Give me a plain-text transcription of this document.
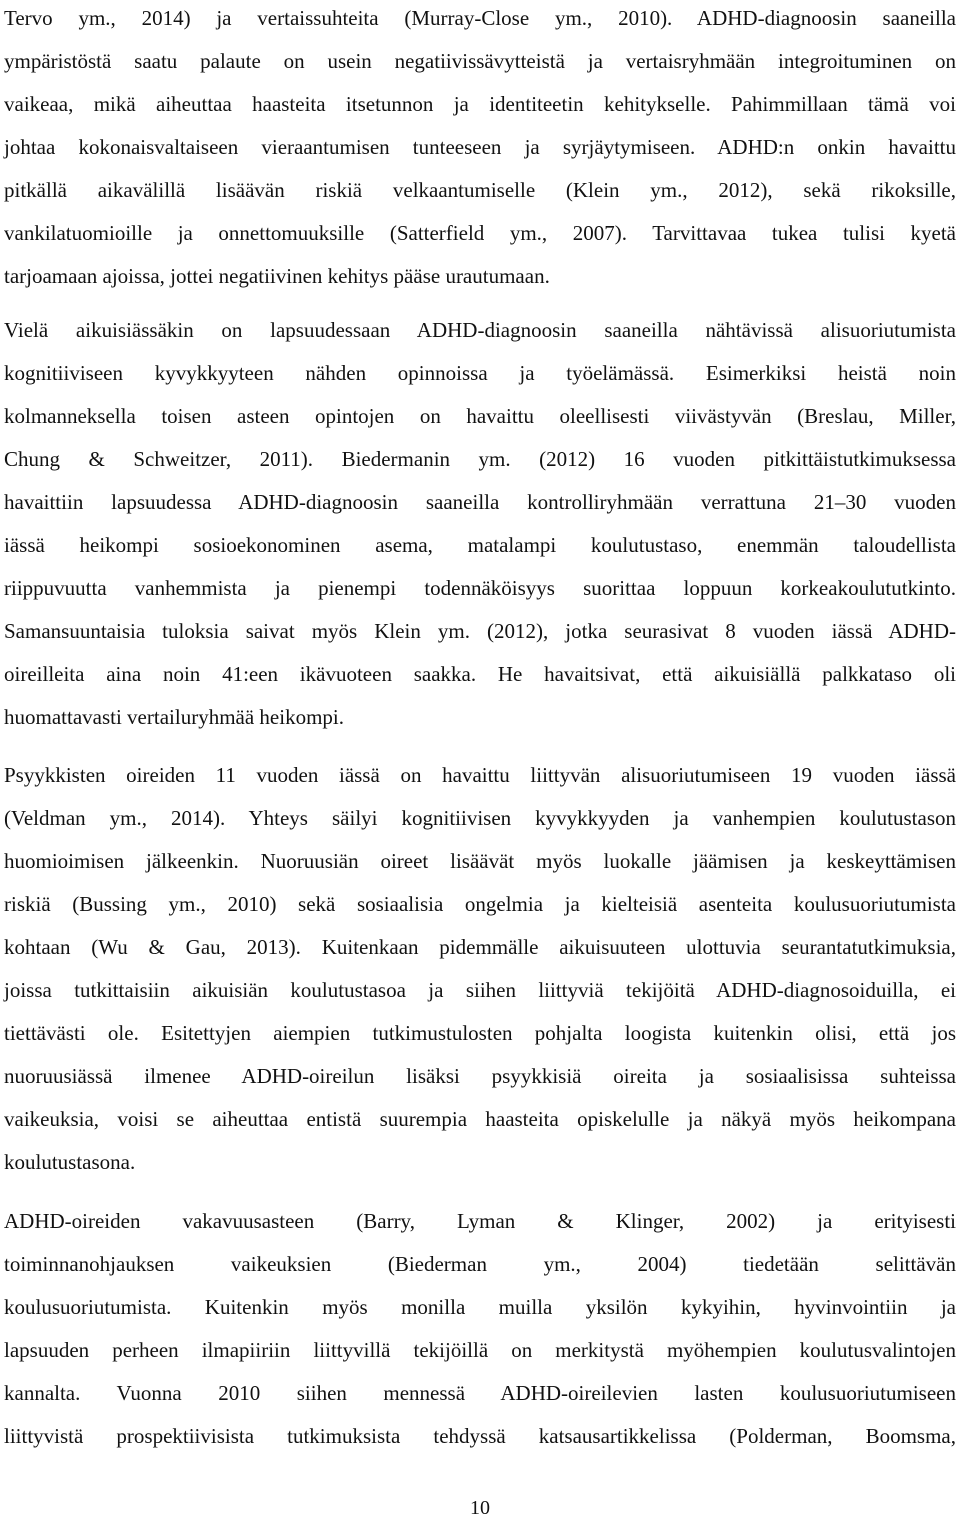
Tervo ym., 2014) ja vertaissuhteita (Murray-Close ym., 2010). ADHD-diagnoosin saaneilla
ympäristöstä saatu palaute on usein negatiivissävytteistä ja vertaisryhmään integroituminen on
vaikeaa, mikä aiheuttaa haasteita itsetunnon ja identiteetin kehitykselle. Pahimmillaan tämä voi
johtaa kokonaisvaltaiseen vieraantumisen tunteeseen ja syrjäytymiseen. ADHD:n onkin havaittu
pitkällä aikavälillä lisäävän riskiä velkaantumiselle (Klein ym., 2012), sekä rikoksille,
vankilatuomioille ja onnettomuuksille (Satterfield ym., 2007). Tarvittavaa tukea tulisi kyetä
tarjoamaan ajoissa, jottei negatiivinen kehitys pääse urautumaan.
Vielä aikuisiässäkin on lapsuudessaan ADHD-diagnoosin saaneilla nähtävissä alisuoriutumista
kognitiiviseen kyvykkyyteen nähden opinnoissa ja työelämässä. Esimerkiksi heistä noin
kolmanneksella toisen asteen opintojen on havaittu oleellisesti viivästyvän (Breslau, Miller,
Chung & Schweitzer, 2011). Biedermanin ym. (2012) 16 vuoden pitkittäistutkimuksessa
havaittiin lapsuudessa ADHD-diagnoosin saaneilla kontrolliryhmään verrattuna 21–30 vuoden
iässä heikompi sosioekonominen asema, matalampi koulutustaso, enemmän taloudellista
riippuvuutta vanhemmista ja pienempi todennäköisyys suorittaa loppuun korkeakoulututkinto.
Samansuuntaisia tuloksia saivat myös Klein ym. (2012), jotka seurasivat 8 vuoden iässä ADHD-
oireilleita aina noin 41:een ikävuoteen saakka. He havaitsivat, että aikuisiällä palkkataso oli
huomattavasti vertailuryhmää heikompi.
Psyykkisten oireiden 11 vuoden iässä on havaittu liittyvän alisuoriutumiseen 19 vuoden iässä
(Veldman ym., 2014). Yhteys säilyi kognitiivisen kyvykkyyden ja vanhempien koulutustason
huomioimisen jälkeenkin. Nuoruusiän oireet lisäävät myös luokalle jäämisen ja keskeyttämisen
riskiä (Bussing ym., 2010) sekä sosiaalisia ongelmia ja kielteisiä asenteita koulusuoriutumista
kohtaan (Wu & Gau, 2013). Kuitenkaan pidemmälle aikuisuuteen ulottuvia seurantatutkimuksia,
joissa tutkittaisiin aikuisiän koulutustasoa ja siihen liittyviä tekijöitä ADHD-diagnosoiduilla, ei
tiettävästi ole. Esitettyjen aiempien tutkimustulosten pohjalta loogista kuitenkin olisi, että jos
nuoruusiässä ilmenee ADHD-oireilun lisäksi psyykkisiä oireita ja sosiaalisissa suhteissa
vaikeuksia, voisi se aiheuttaa entistä suurempia haasteita opiskelulle ja näkyä myös heikompana
koulutustasona.
ADHD-oireiden vakavuusasteen (Barry, Lyman & Klinger, 2002) ja erityisesti
toiminnanohjauksen vaikeuksien (Biederman ym., 2004) tiedetään selittävän
koulusuoriutumista. Kuitenkin myös monilla muilla yksilön kykyihin, hyvinvointiin ja
lapsuuden perheen ilmapiiriin liittyvillä tekijöillä on merkitystä myöhempien koulutusvalintojen
kannalta. Vuonna 2010 siihen mennessä ADHD-oireilevien lasten koulusuoriutumiseen
liittyvistä prospektiivisista tutkimuksista tehdyssä katsausartikkelissa (Polderman, Boomsma,
10
